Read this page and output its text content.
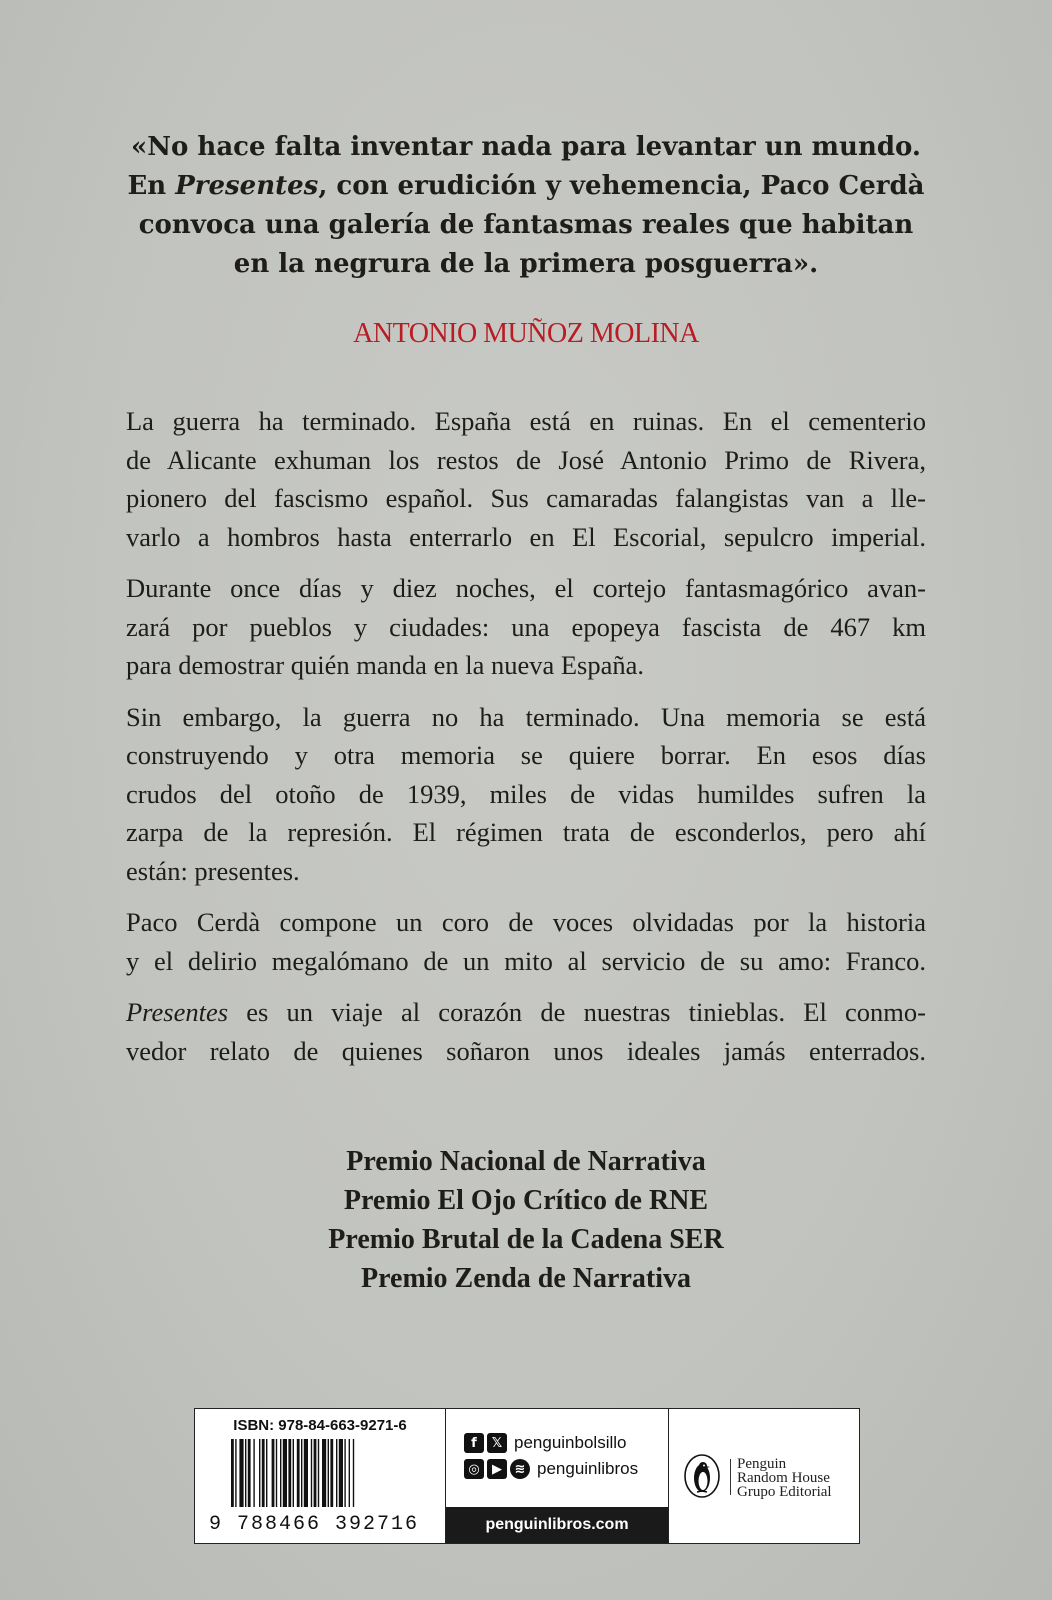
«No hace falta inventar nada para levantar un mundo.
En Presentes, con erudición y vehemencia, Paco Cerdà
convoca una galería de fantasmas reales que habitan
en la negrura de la primera posguerra».
ANTONIO MUÑOZ MOLINA

La guerra ha terminado. España está en ruinas. En el cementerio
de Alicante exhuman los restos de José Antonio Primo de Rivera,
pionero del fascismo español. Sus camaradas falangistas van a lle-
varlo a hombros hasta enterrarlo en El Escorial, sepulcro imperial.

Durante once días y diez noches, el cortejo fantasmagórico avan-
zará por pueblos y ciudades: una epopeya fascista de 467 km
para demostrar quién manda en la nueva España.

Sin embargo, la guerra no ha terminado. Una memoria se está
construyendo y otra memoria se quiere borrar. En esos días
crudos del otoño de 1939, miles de vidas humildes sufren la
zarpa de la represión. El régimen trata de esconderlos, pero ahí
están: presentes.

Paco Cerdà compone un coro de voces olvidadas por la historia
y el delirio megalómano de un mito al servicio de su amo: Franco.

Presentes es un viaje al corazón de nuestras tinieblas. El conmo-
vedor relato de quienes soñaron unos ideales jamás enterrados.

Premio Nacional de Narrativa
Premio El Ojo Crítico de RNE
Premio Brutal de la Cadena SER
Premio Zenda de Narrativa
ISBN: 978-84-663-9271-6
9 788466 392716
f	𝕏 penguinbolsillo
◎ ▶ ≋ penguinlibros
penguinlibros.com
Penguin
Random House
Grupo Editorial
